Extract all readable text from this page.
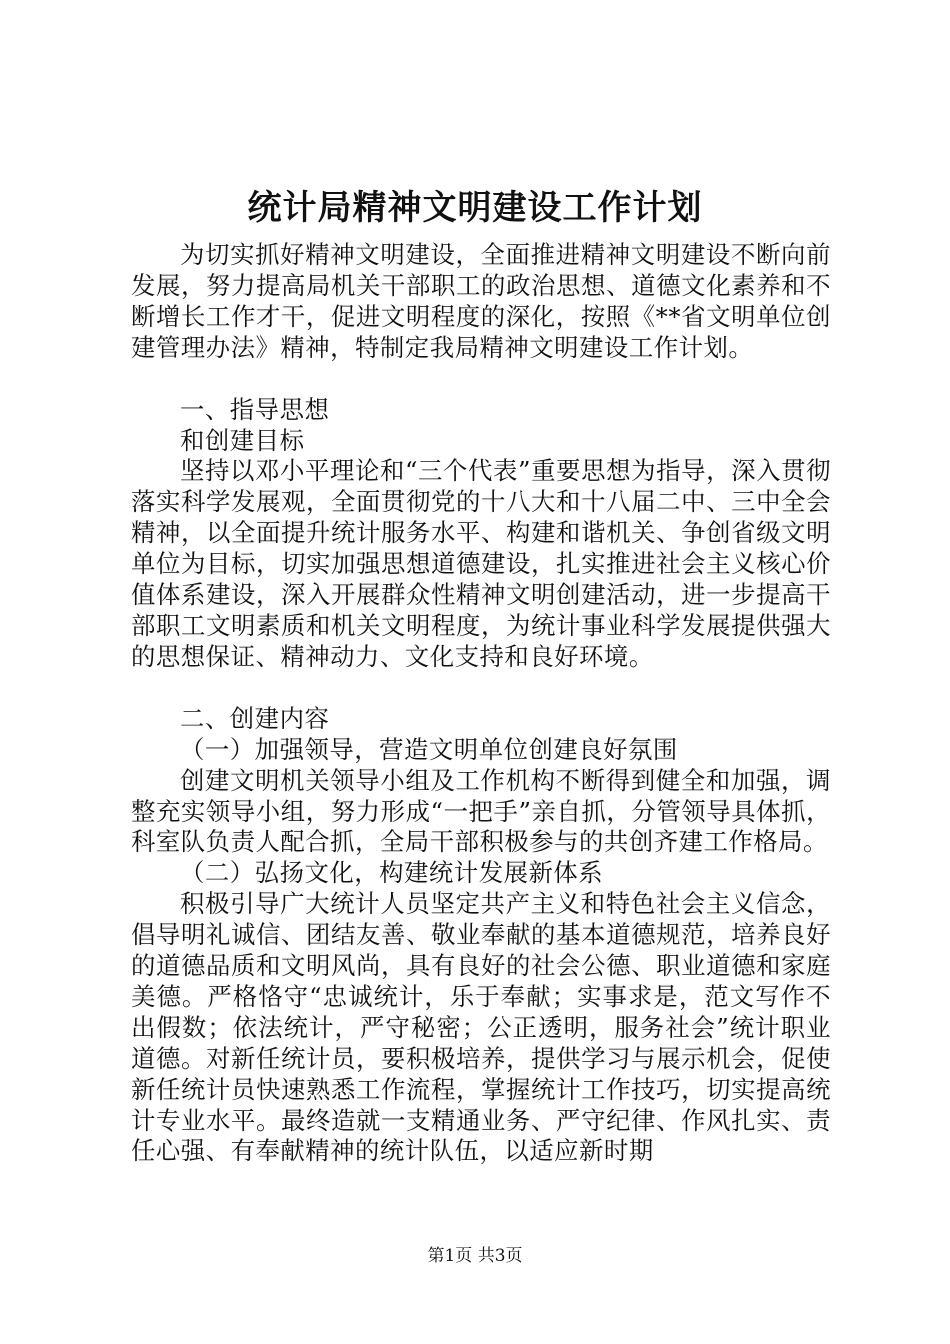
统计局精神文明建设工作计划

为切实抓好精神文明建设，全面推进精神文明建设不断向前发展，努力提高局机关干部职工的政治思想、道德文化素养和不断增长工作才干，促进文明程度的深化，按照《**省文明单位创建管理办法》精神，特制定我局精神文明建设工作计划。

一、指导思想

和创建目标

坚持以邓小平理论和“三个代表”重要思想为指导，深入贯彻落实科学发展观，全面贯彻党的十八大和十八届二中、三中全会精神，以全面提升统计服务水平、构建和谐机关、争创省级文明单位为目标，切实加强思想道德建设，扎实推进社会主义核心价值体系建设，深入开展群众性精神文明创建活动，进一步提高干部职工文明素质和机关文明程度，为统计事业科学发展提供强大的思想保证、精神动力、文化支持和良好环境。

二、创建内容

（一）加强领导，营造文明单位创建良好氛围

创建文明机关领导小组及工作机构不断得到健全和加强，调整充实领导小组，努力形成“一把手”亲自抓，分管领导具体抓，科室队负责人配合抓，全局干部积极参与的共创齐建工作格局。

（二）弘扬文化，构建统计发展新体系

积极引导广大统计人员坚定共产主义和特色社会主义信念，倡导明礼诚信、团结友善、敬业奉献的基本道德规范，培养良好的道德品质和文明风尚，具有良好的社会公德、职业道德和家庭美德。严格恪守“忠诚统计，乐于奉献；实事求是，范文写作不出假数；依法统计，严守秘密；公正透明，服务社会”统计职业道德。对新任统计员，要积极培养，提供学习与展示机会，促使新任统计员快速熟悉工作流程，掌握统计工作技巧，切实提高统计专业水平。最终造就一支精通业务、严守纪律、作风扎实、责任心强、有奉献精神的统计队伍，以适应新时期

第1页 共3页
